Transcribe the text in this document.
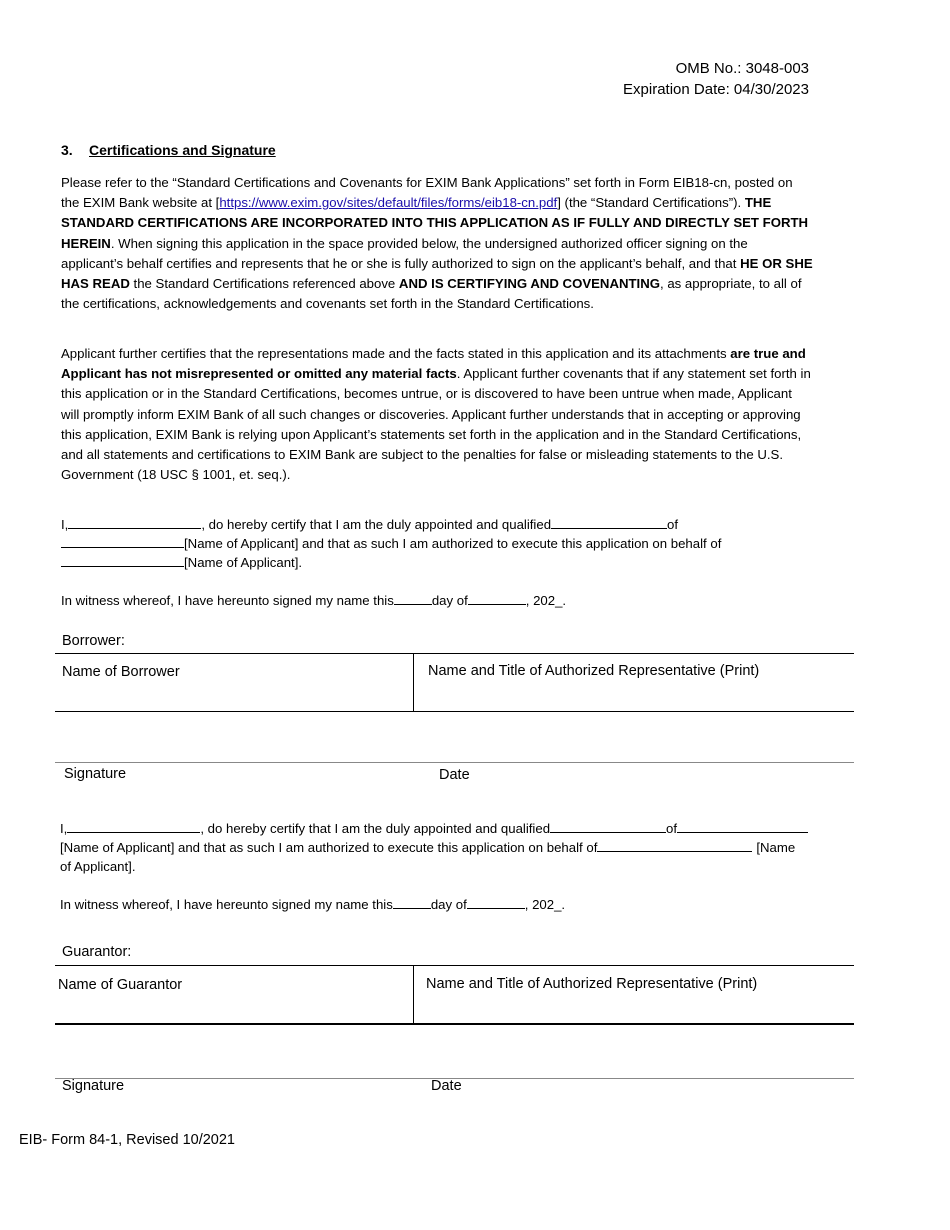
OMB No.: 3048-003
Expiration Date: 04/30/2023
3. Certifications and Signature

Please refer to the “Standard Certifications and Covenants for EXIM Bank Applications” set forth in Form EIB18-cn, posted on the EXIM Bank website at [https://www.exim.gov/sites/default/files/forms/eib18-cn.pdf] (the “Standard Certifications”). THE STANDARD CERTIFICATIONS ARE INCORPORATED INTO THIS APPLICATION AS IF FULLY AND DIRECTLY SET FORTH HEREIN. When signing this application in the space provided below, the undersigned authorized officer signing on the applicant’s behalf certifies and represents that he or she is fully authorized to sign on the applicant’s behalf, and that HE OR SHE HAS READ the Standard Certifications referenced above AND IS CERTIFYING AND COVENANTING, as appropriate, to all of the certifications, acknowledgements and covenants set forth in the Standard Certifications.

Applicant further certifies that the representations made and the facts stated in this application and its attachments are true and Applicant has not misrepresented or omitted any material facts. Applicant further covenants that if any statement set forth in this application or in the Standard Certifications, becomes untrue, or is discovered to have been untrue when made, Applicant will promptly inform EXIM Bank of all such changes or discoveries. Applicant further understands that in accepting or approving this application, EXIM Bank is relying upon Applicant’s statements set forth in the application and in the Standard Certifications, and all statements and certifications to EXIM Bank are subject to the penalties for false or misleading statements to the U.S. Government (18 USC § 1001, et. seq.).

I,	, do hereby certify that I am the duly appointed and qualified	of
[Name of Applicant] and that as such I am authorized to execute this application on behalf of
[Name of Applicant].
In witness whereof, I have hereunto signed my name this	day of	, 202_.
Borrower:
Name of Borrower	Name and Title of Authorized Representative (Print)
Signature	Date
I,	, do hereby certify that I am the duly appointed and qualified	of
[Name of Applicant] and that as such I am authorized to execute this application on behalf of	[Name
of Applicant].
In witness whereof, I have hereunto signed my name this	day of	, 202_.
Guarantor:
Name of Guarantor	Name and Title of Authorized Representative (Print)
Signature	Date
EIB- Form 84-1, Revised 10/2021
